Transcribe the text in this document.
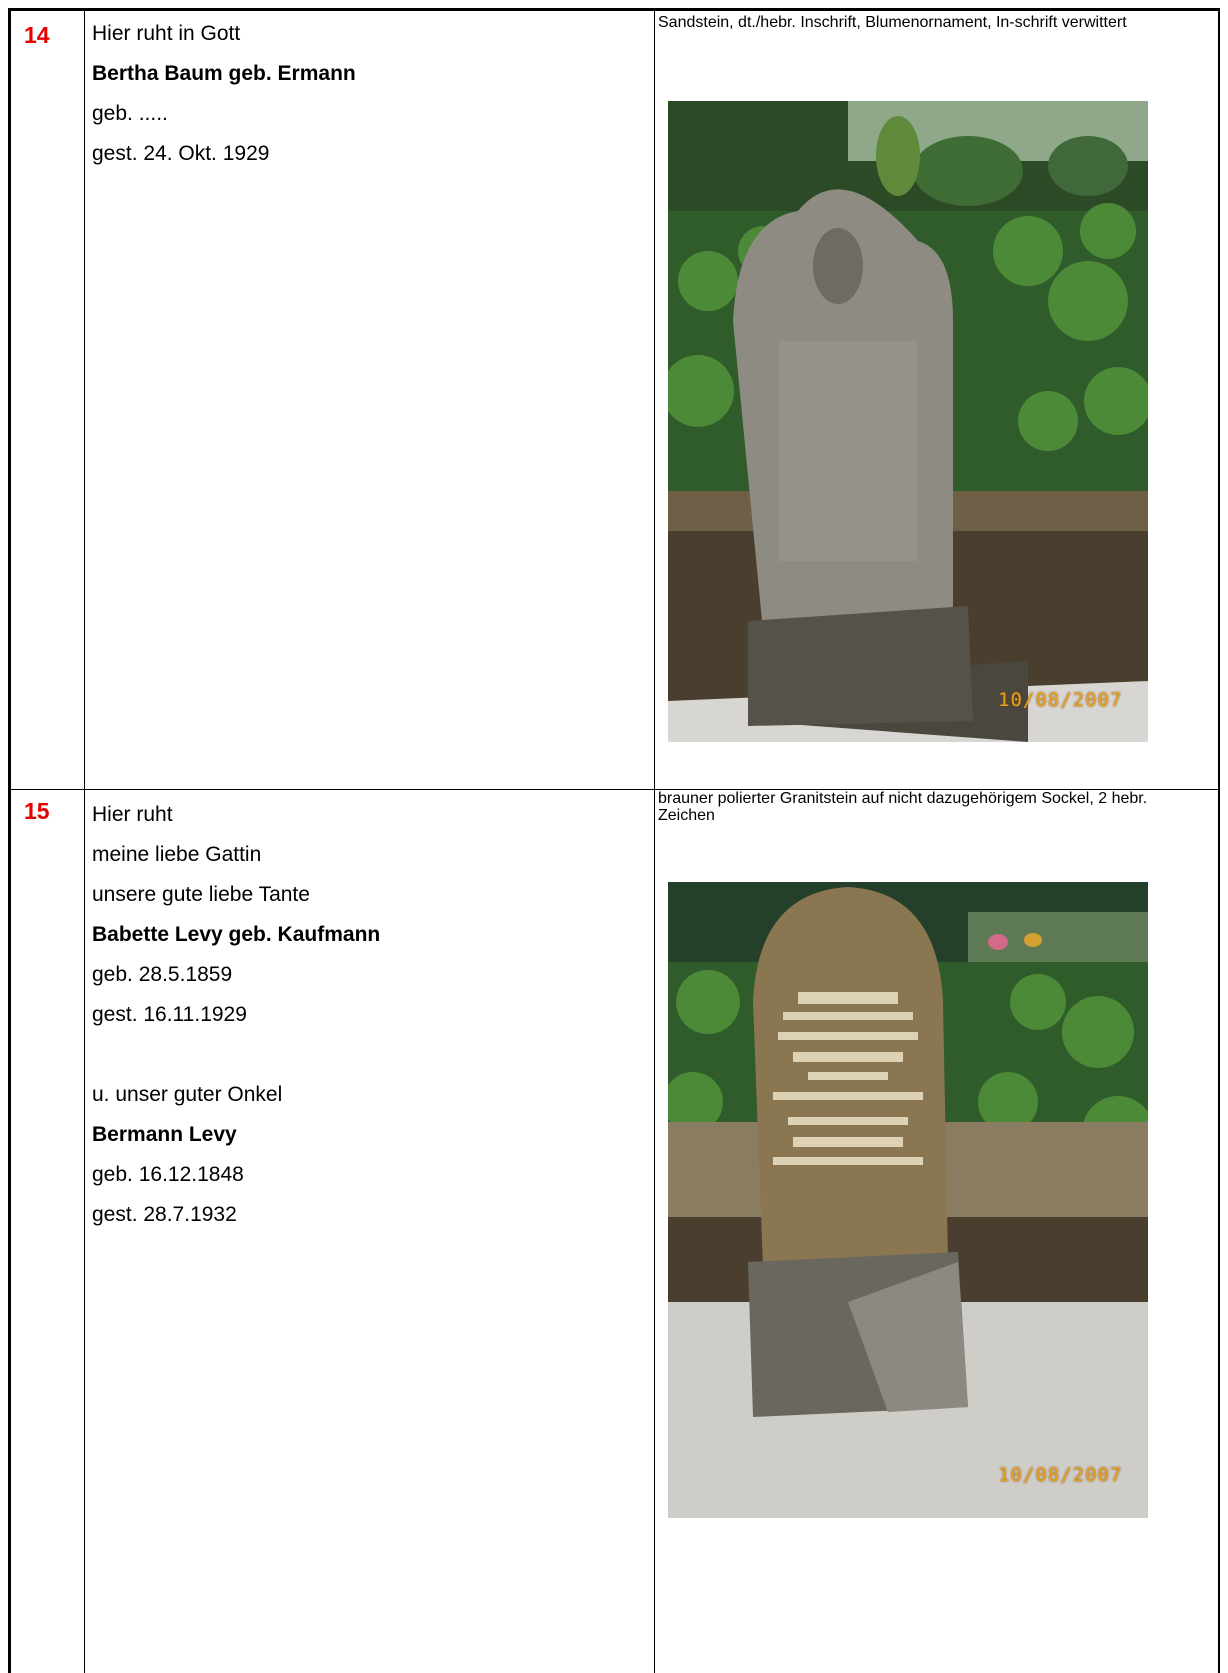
14 Hier ruht in Gott
Bertha Baum geb. Ermann
geb. .....
gest. 24. Okt. 1929
Sandstein, dt./hebr. Inschrift, Blumenornament, In-schrift verwittert
10/08/2007
15 Hier ruht
meine liebe Gattin
unsere gute liebe Tante
Babette Levy geb. Kaufmann
geb. 28.5.1859
gest. 16.11.1929
u. unser guter Onkel
Bermann Levy
geb. 16.12.1848
gest. 28.7.1932
brauner polierter Granitstein auf nicht dazugehörigem Sockel, 2 hebr. Zeichen
10/08/2007
